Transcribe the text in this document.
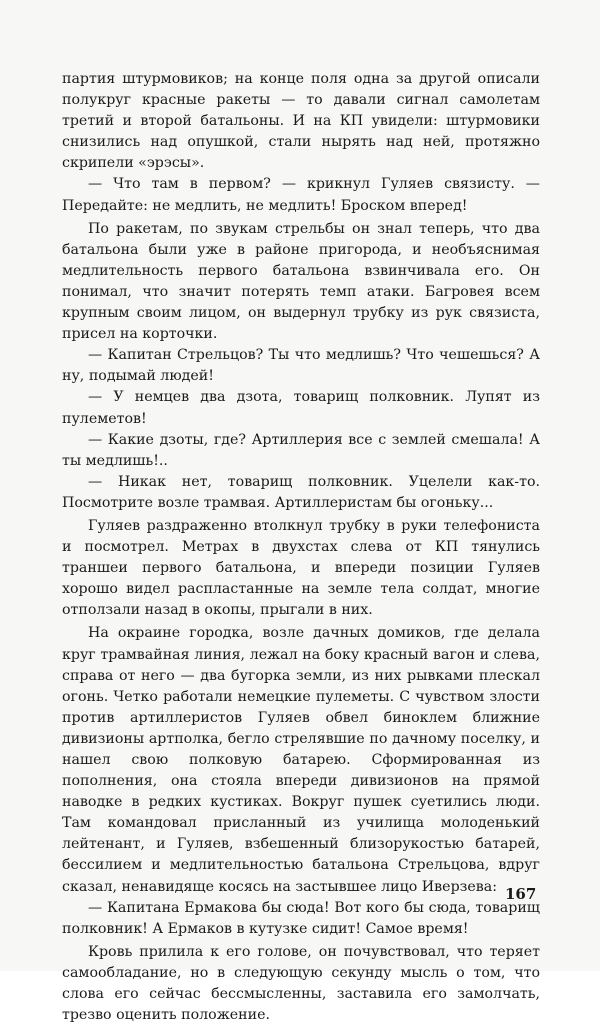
партия штурмовиков; на конце поля одна за другой описали полукруг красные ракеты — то давали сигнал самолетам третий и второй батальоны. И на КП увидели: штурмовики снизились над опушкой, стали нырять над ней, протяжно скрипели «эрэсы».

— Что там в первом? — крикнул Гуляев связисту. — Передайте: не медлить, не медлить! Броском вперед!

По ракетам, по звукам стрельбы он знал теперь, что два батальона были уже в районе пригорода, и необъяснимая медлительность первого батальона взвинчивала его. Он понимал, что значит потерять темп атаки. Багровея всем крупным своим лицом, он выдернул трубку из рук связиста, присел на корточки.

— Капитан Стрельцов? Ты что медлишь? Что чешешься? А ну, подымай людей!

— У немцев два дзота, товарищ полковник. Лупят из пулеметов!

— Какие дзоты, где? Артиллерия все с землей смешала! А ты медлишь!..

— Никак нет, товарищ полковник. Уцелели как-то. Посмотрите возле трамвая. Артиллеристам бы огоньку...

Гуляев раздраженно втолкнул трубку в руки телефониста и посмотрел. Метрах в двухстах слева от КП тянулись траншеи первого батальона, и впереди позиции Гуляев хорошо видел распластанные на земле тела солдат, многие отползали назад в окопы, прыгали в них.

На окраине городка, возле дачных домиков, где делала круг трамвайная линия, лежал на боку красный вагон и слева, справа от него — два бугорка земли, из них рывками плескал огонь. Четко работали немецкие пулеметы. С чувством злости против артиллеристов Гуляев обвел биноклем ближние дивизионы артполка, бегло стрелявшие по дачному поселку, и нашел свою полковую батарею. Сформированная из пополнения, она стояла впереди дивизионов на прямой наводке в редких кустиках. Вокруг пушек суетились люди. Там командовал присланный из училища молоденький лейтенант, и Гуляев, взбешенный близорукостью батарей, бессилием и медлительностью батальона Стрельцова, вдруг сказал, ненавидяще косясь на застывшее лицо Иверзева:

— Капитана Ермакова бы сюда! Вот кого бы сюда, товарищ полковник! А Ермаков в кутузке сидит! Самое время!

Кровь прилила к его голове, он почувствовал, что теряет самообладание, но в следующую секунду мысль о том, что слова его сейчас бессмысленны, заставила его замолчать, трезво оценить положение.

167
